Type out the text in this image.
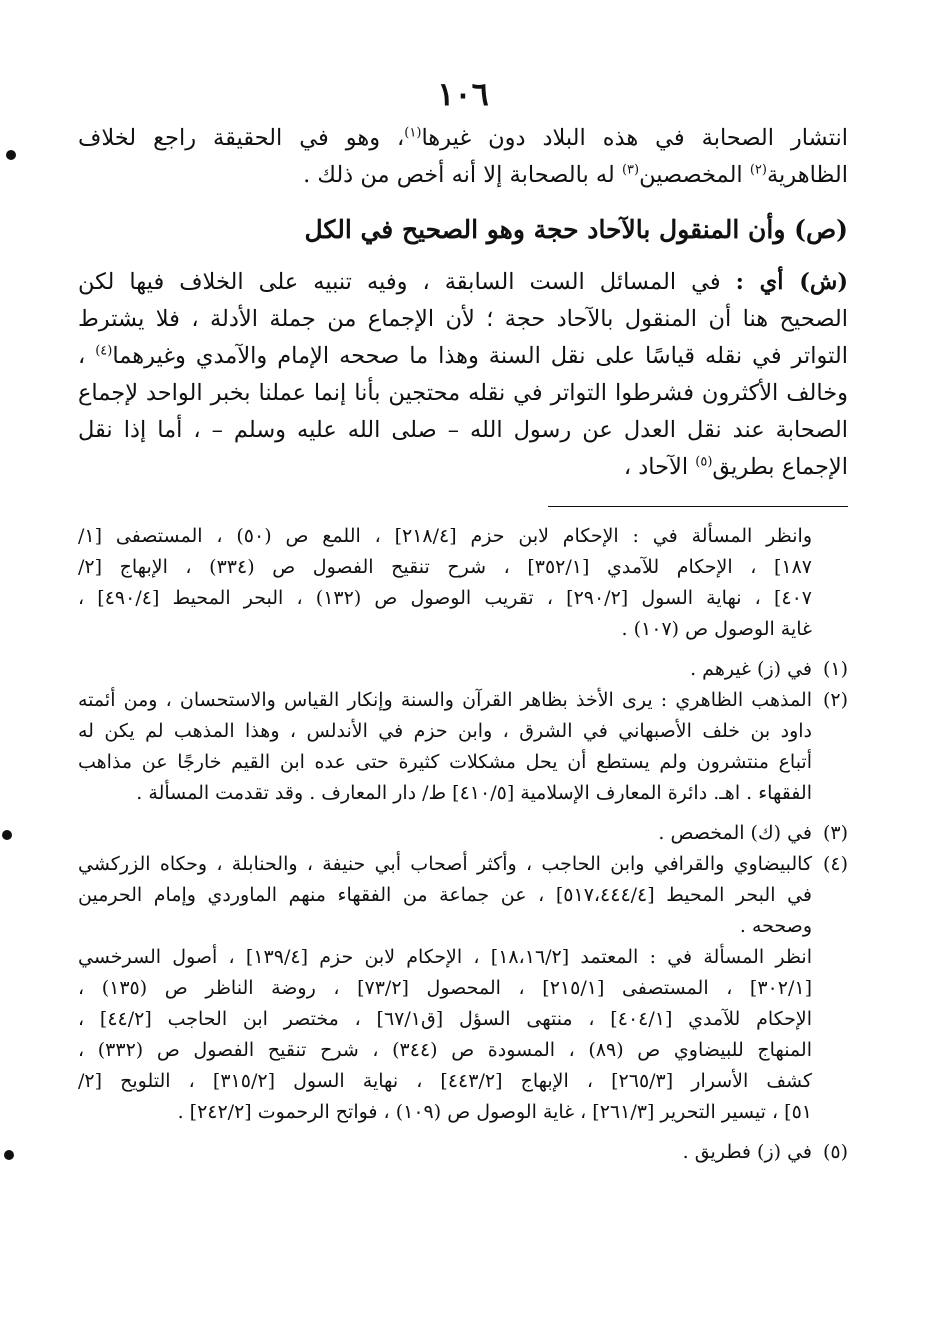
١٠٦

انتشار الصحابة في هذه البلاد دون غيرها$^{(١)}$، وهو في الحقيقة راجع لخلاف

الظاهرية$^{(٢)}$ المخصصين$^{(٣)}$ له بالصحابة إلا أنه أخص من ذلك .

(ص) وأن المنقول بالآحاد حجة وهو الصحيح في الكل

(ش) أي : في المسائل الست السابقة ، وفيه تنبيه على الخلاف فيها لكن

الصحيح هنا أن المنقول بالآحاد حجة ؛ لأن الإجماع من جملة الأدلة ، فلا يشترط

التواتر في نقله قياسًا على نقل السنة وهذا ما صححه الإمام والآمدي وغيرهما$^{(٤)}$ ،

وخالف الأكثرون فشرطوا التواتر في نقله محتجين بأنا إنما عملنا بخبر الواحد لإجماع

الصحابة عند نقل العدل عن رسول الله – صلى الله عليه وسلم – ، أما إذا نقل

الإجماع بطريق$^{(٥)}$ الآحاد ،

وانظر المسألة في : الإحكام لابن حزم [٢١٨/٤] ، اللمع ص (٥٠) ، المستصفى [١/

١٨٧] ، الإحكام للآمدي [٣٥٢/١] ، شرح تنقيح الفصول ص (٣٣٤) ، الإبهاج [٢/

٤٠٧] ، نهاية السول [٢٩٠/٢] ، تقريب الوصول ص (١٣٢) ، البحر المحيط [٤٩٠/٤] ،

غاية الوصول ص (١٠٧) .

(١)في (ز) غيرهم .

(٢)المذهب الظاهري : يرى الأخذ بظاهر القرآن والسنة وإنكار القياس والاستحسان ، ومن أئمته

داود بن خلف الأصبهاني في الشرق ، وابن حزم في الأندلس ، وهذا المذهب لم يكن له

أتباع منتشرون ولم يستطع أن يحل مشكلات كثيرة حتى عده ابن القيم خارجًا عن مذاهب

الفقهاء . اهـ. دائرة المعارف الإسلامية [٤١٠/٥] ط/ دار المعارف . وقد تقدمت المسألة .

(٣)في (ك) المخصص .

(٤)كالبيضاوي والقرافي وابن الحاجب ، وأكثر أصحاب أبي حنيفة ، والحنابلة ، وحكاه الزركشي

في البحر المحيط [٥١٧،٤٤٤/٤] ، عن جماعة من الفقهاء منهم الماوردي وإمام الحرمين

وصححه .

انظر المسألة في : المعتمد [١٨،١٦/٢] ، الإحكام لابن حزم [١٣٩/٤] ، أصول السرخسي

[٣٠٢/١] ، المستصفى [٢١٥/١] ، المحصول [٧٣/٢] ، روضة الناظر ص (١٣٥) ،

الإحكام للآمدي [٤٠٤/١] ، منتهى السؤل [ق٦٧/١] ، مختصر ابن الحاجب [٤٤/٢] ،

المنهاج للبيضاوي ص (٨٩) ، المسودة ص (٣٤٤) ، شرح تنقيح الفصول ص (٣٣٢) ،

كشف الأسرار [٢٦٥/٣] ، الإبهاج [٤٤٣/٢] ، نهاية السول [٣١٥/٢] ، التلويح [٢/

٥١] ، تيسير التحرير [٢٦١/٣] ، غاية الوصول ص (١٠٩) ، فواتح الرحموت [٢٤٢/٢] .

(٥)في (ز) فطريق .
